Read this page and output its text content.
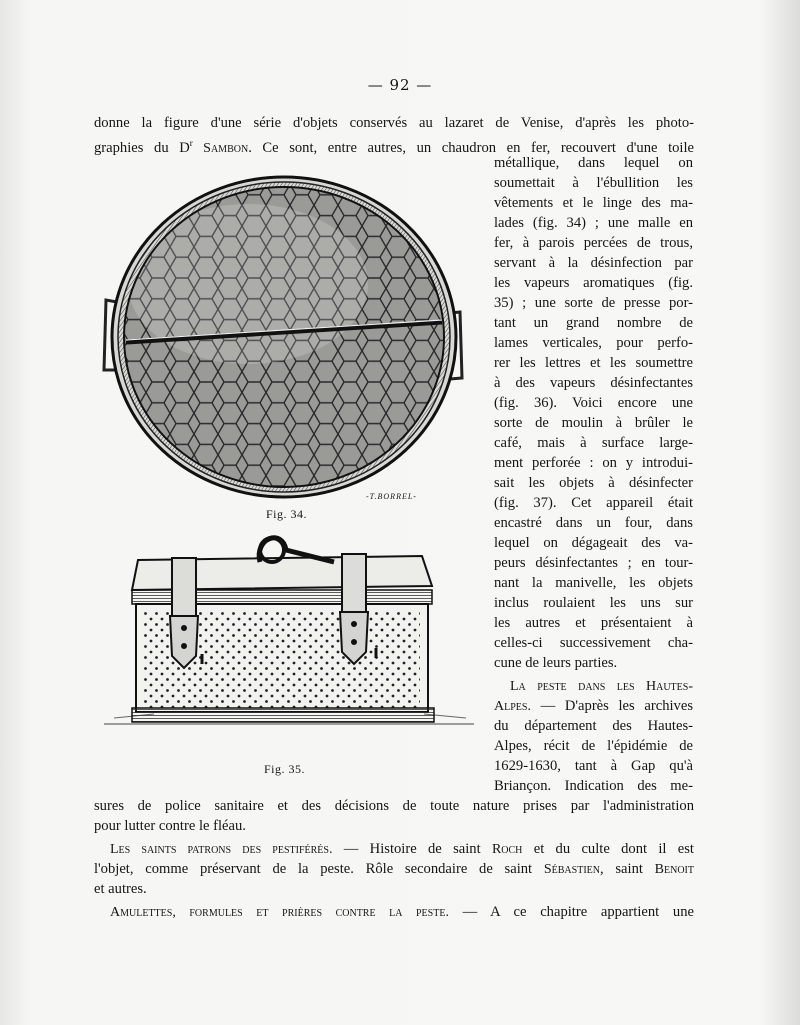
— 92 —
donne la figure d'une série d'objets conservés au lazaret de Venise, d'après les photo-
graphies du $D^r$ Sambon. Ce sont, entre autres, un chaudron en fer, recouvert d'une toile
métallique, dans lequel on
soumettait à l'ébullition les
vêtements et le linge des ma-
lades (fig. 34) ; une malle en
fer, à parois percées de trous,
servant à la désinfection par
les vapeurs aromatiques (fig.
35) ; une sorte de presse por-
tant un grand nombre de
lames verticales, pour perfo-
rer les lettres et les soumettre
à des vapeurs désinfectantes
(fig. 36). Voici encore une
sorte de moulin à brûler le
café, mais à surface large-
ment perforée : on y introdui-
sait les objets à désinfecter
(fig. 37). Cet appareil était
encastré dans un four, dans
lequel on dégageait des va-
peurs désinfectantes ; en tour-
nant la manivelle, les objets
inclus roulaient les uns sur
les autres et présentaient à
celles-ci successivement cha-
cune de leurs parties.
La peste dans les Hautes-
Alpes. — D'après les archives
du département des Hautes-
Alpes, récit de l'épidémie de
1629-1630, tant à Gap qu'à
Briançon. Indication des me-
sures de police sanitaire et des décisions de toute nature prises par l'administration
pour lutter contre le fléau.
Les saints patrons des pestiférés. — Histoire de saint Roch et du culte dont il est
l'objet, comme préservant de la peste. Rôle secondaire de saint Sébastien, saint Benoit
et autres.
Amulettes, formules et prières contre la peste. — A ce chapitre appartient une
-T.BORREL-
Fig. 34.
Fig. 35.
